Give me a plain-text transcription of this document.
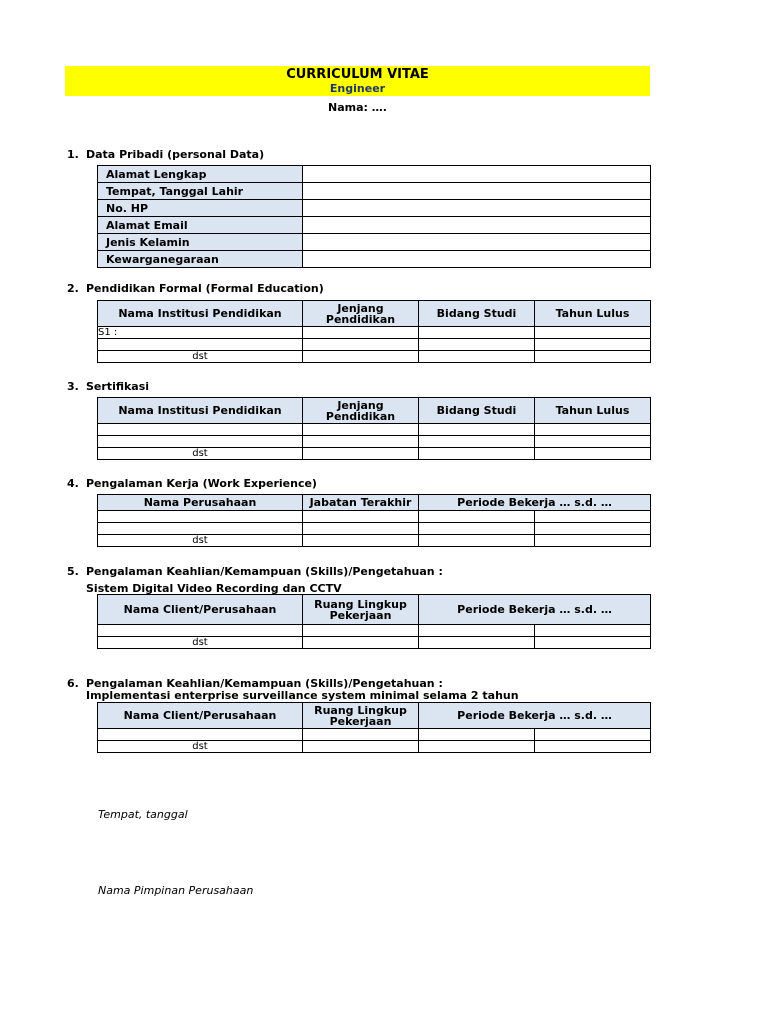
CURRICULUM VITAE
Engineer
Nama: ….
1. Data Pribadi (personal Data)
Alamat Lengkap	
Tempat, Tanggal Lahir	
No. HP	
Alamat Email	
Jenis Kelamin	
Kewarganegaraan	
2. Pendidikan Formal (Formal Education)
Nama Institusi Pendidikan	Jenjang Pendidikan	Bidang Studi	Tahun Lulus
S1 :			

dst			
3. Sertifikasi
Nama Institusi Pendidikan	Jenjang Pendidikan	Bidang Studi	Tahun Lulus

dst			
4. Pengalaman Kerja (Work Experience)
Nama Perusahaan	Jabatan Terakhir	Periode Bekerja … s.d. …	

dst			
5. Pengalaman Keahlian/Kemampuan (Skills)/Pengetahuan :
Sistem Digital Video Recording dan CCTV
Nama Client/Perusahaan	Ruang Lingkup Pekerjaan	Periode Bekerja … s.d. …	

dst			
6. Pengalaman Keahlian/Kemampuan (Skills)/Pengetahuan :
Implementasi enterprise surveillance system minimal selama 2 tahun
Nama Client/Perusahaan	Ruang Lingkup Pekerjaan	Periode Bekerja … s.d. …	

dst			
Tempat, tanggal
Nama Pimpinan Perusahaan
